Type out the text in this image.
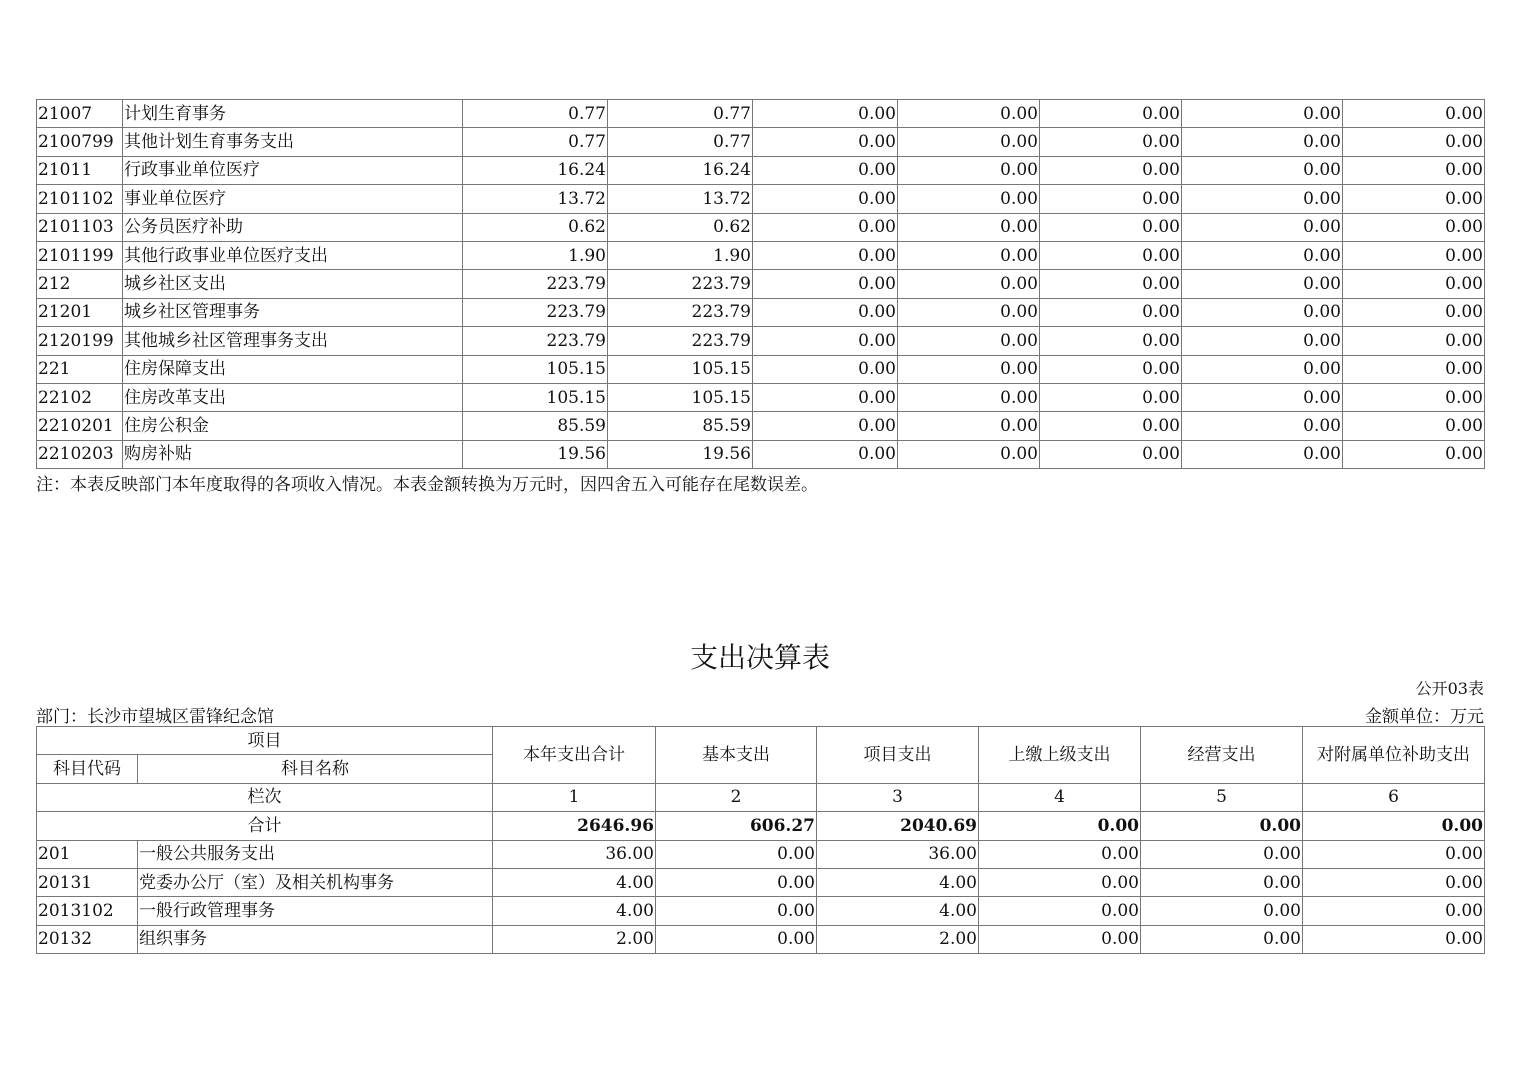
21007	计划生育事务	0.77	0.77	0.00	0.00	0.00	0.00	0.00
2100799	其他计划生育事务支出	0.77	0.77	0.00	0.00	0.00	0.00	0.00
21011	行政事业单位医疗	16.24	16.24	0.00	0.00	0.00	0.00	0.00
2101102	事业单位医疗	13.72	13.72	0.00	0.00	0.00	0.00	0.00
2101103	公务员医疗补助	0.62	0.62	0.00	0.00	0.00	0.00	0.00
2101199	其他行政事业单位医疗支出	1.90	1.90	0.00	0.00	0.00	0.00	0.00
212	城乡社区支出	223.79	223.79	0.00	0.00	0.00	0.00	0.00
21201	城乡社区管理事务	223.79	223.79	0.00	0.00	0.00	0.00	0.00
2120199	其他城乡社区管理事务支出	223.79	223.79	0.00	0.00	0.00	0.00	0.00
221	住房保障支出	105.15	105.15	0.00	0.00	0.00	0.00	0.00
22102	住房改革支出	105.15	105.15	0.00	0.00	0.00	0.00	0.00
2210201	住房公积金	85.59	85.59	0.00	0.00	0.00	0.00	0.00
2210203	购房补贴	19.56	19.56	0.00	0.00	0.00	0.00	0.00
注：本表反映部门本年度取得的各项收入情况。本表金额转换为万元时，因四舍五入可能存在尾数误差。
支出决算表
公开03表
部门：长沙市望城区雷锋纪念馆	金额单位：万元
项目		本年支出合计	基本支出	项目支出	上缴上级支出	经营支出	对附属单位补助支出
科目代码	科目名称						
栏次		1	2	3	4	5	6
合计		2646.96	606.27	2040.69	0.00	0.00	0.00
201	一般公共服务支出	36.00	0.00	36.00	0.00	0.00	0.00
20131	党委办公厅（室）及相关机构事务	4.00	0.00	4.00	0.00	0.00	0.00
2013102	一般行政管理事务	4.00	0.00	4.00	0.00	0.00	0.00
20132	组织事务	2.00	0.00	2.00	0.00	0.00	0.00
